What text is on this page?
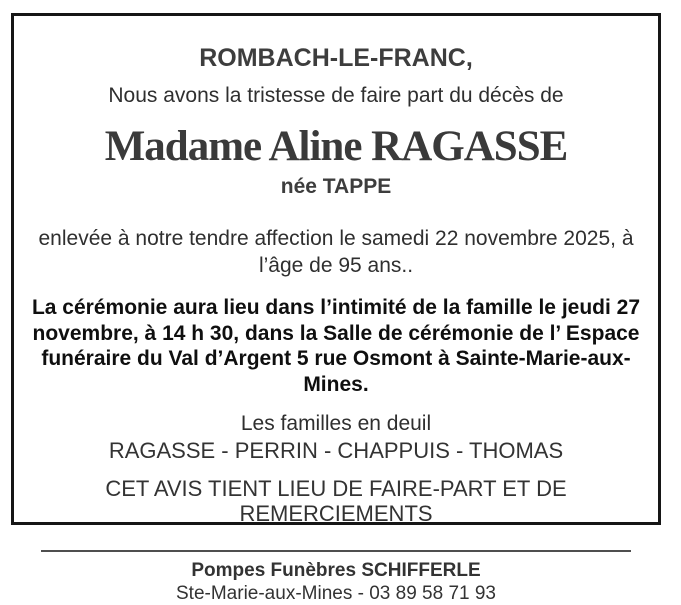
ROMBACH-LE-FRANC,
Nous avons la tristesse de faire part du décès de
Madame Aline RAGASSE
née TAPPE
enlevée à notre tendre affection le samedi 22 novembre 2025, à l’âge de 95 ans..
La cérémonie aura lieu dans l’intimité de la famille le jeudi 27 novembre, à 14 h 30, dans la Salle de cérémonie de l’ Espace funéraire du Val d’Argent 5 rue Osmont à Sainte-Marie-aux-Mines.
Les familles en deuil
RAGASSE - PERRIN - CHAPPUIS - THOMAS
CET AVIS TIENT LIEU DE FAIRE-PART ET DE REMERCIEMENTS
Pompes Funèbres SCHIFFERLE
Ste-Marie-aux-Mines - 03 89 58 71 93
